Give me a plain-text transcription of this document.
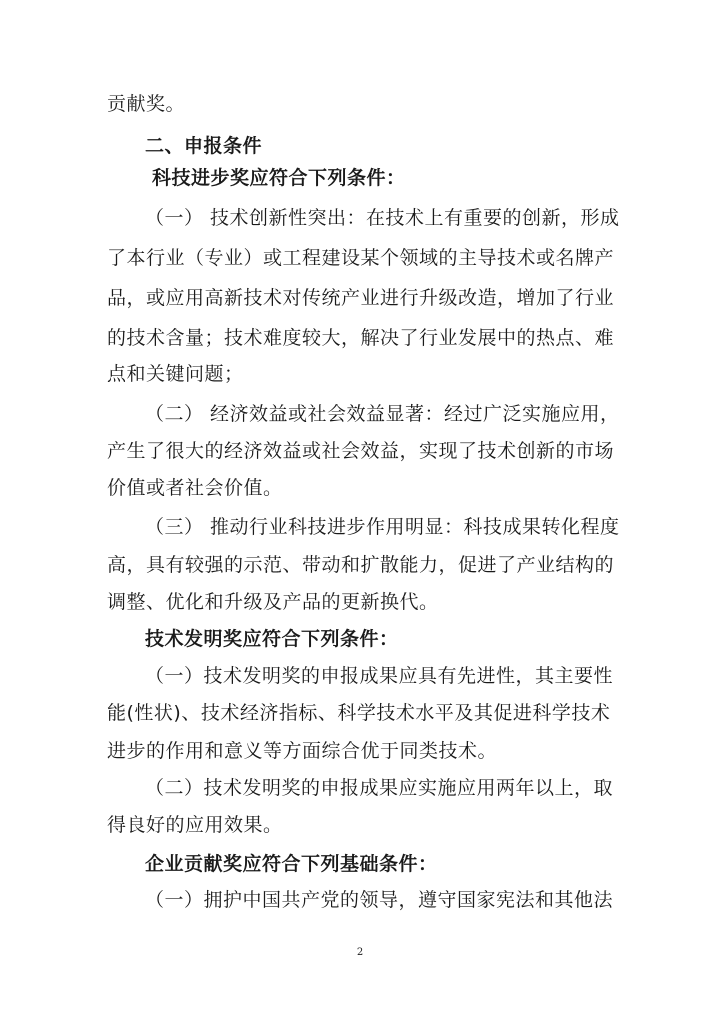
贡献奖。
二、申报条件
科技进步奖应符合下列条件：
（一） 技术创新性突出：在技术上有重要的创新，形成
了本行业（专业）或工程建设某个领域的主导技术或名牌产
品，或应用高新技术对传统产业进行升级改造，增加了行业
的技术含量；技术难度较大，解决了行业发展中的热点、难
点和关键问题；
（二） 经济效益或社会效益显著：经过广泛实施应用，
产生了很大的经济效益或社会效益，实现了技术创新的市场
价值或者社会价值。
（三） 推动行业科技进步作用明显：科技成果转化程度
高，具有较强的示范、带动和扩散能力，促进了产业结构的
调整、优化和升级及产品的更新换代。
技术发明奖应符合下列条件：
（一）技术发明奖的申报成果应具有先进性，其主要性
能(性状)、技术经济指标、科学技术水平及其促进科学技术
进步的作用和意义等方面综合优于同类技术。
（二）技术发明奖的申报成果应实施应用两年以上，取
得良好的应用效果。
企业贡献奖应符合下列基础条件：
（一）拥护中国共产党的领导，遵守国家宪法和其他法
2
